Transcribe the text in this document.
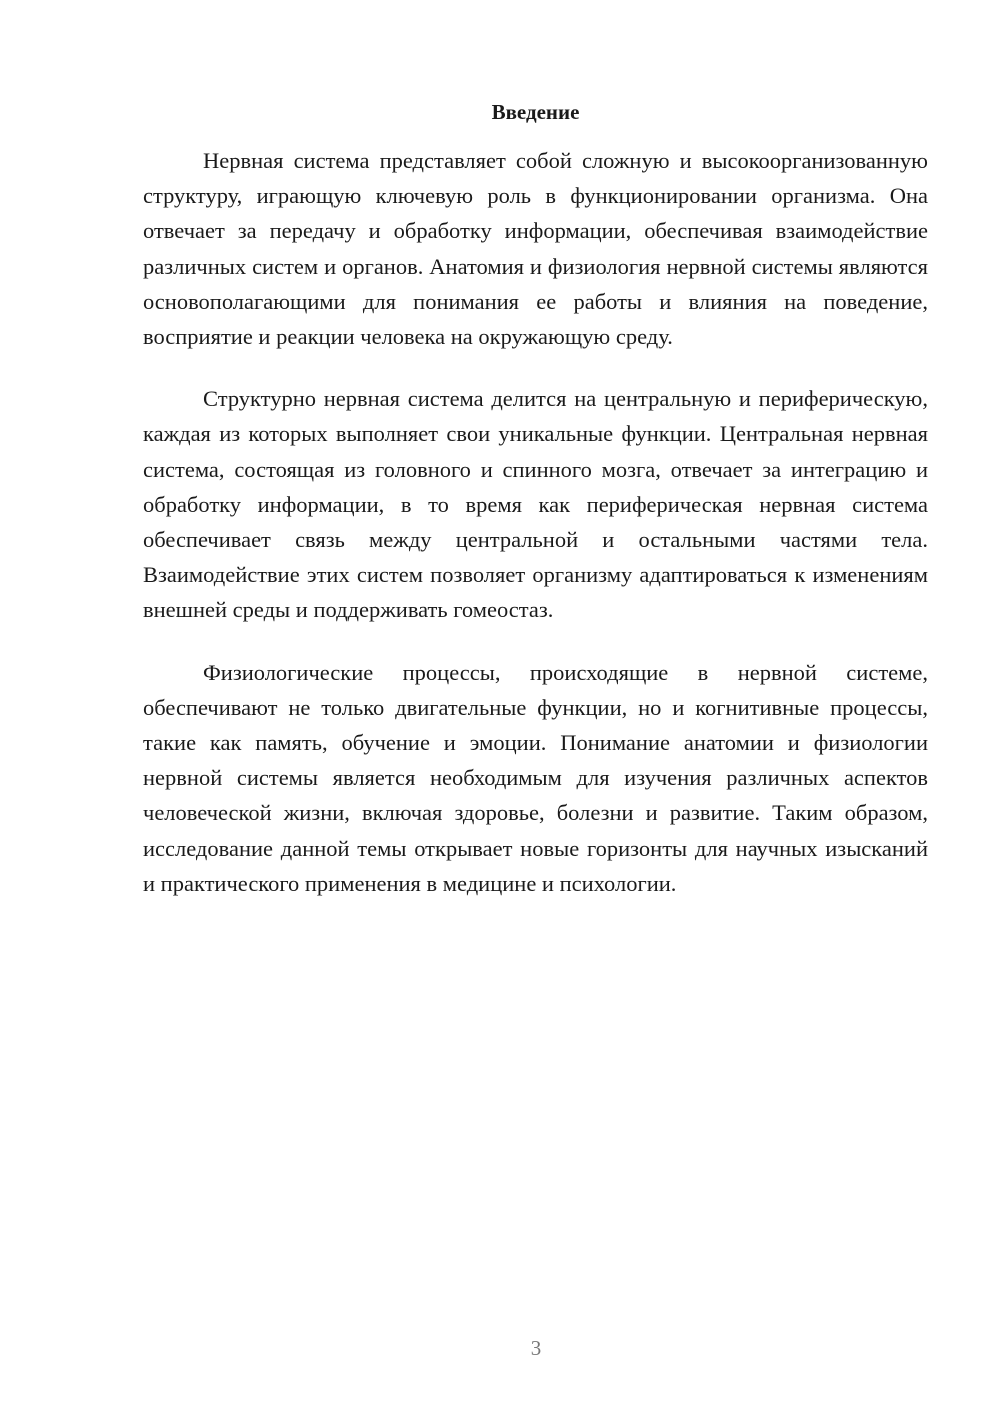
Введение

Нервная система представляет собой сложную и высокоорганизованную структуру, играющую ключевую роль в функционировании организма. Она отвечает за передачу и обработку информации, обеспечивая взаимодействие различных систем и органов. Анатомия и физиология нервной системы являются основополагающими для понимания ее работы и влияния на поведение, восприятие и реакции человека на окружающую среду.

Структурно нервная система делится на центральную и периферическую, каждая из которых выполняет свои уникальные функции. Центральная нервная система, состоящая из головного и спинного мозга, отвечает за интеграцию и обработку информации, в то время как периферическая нервная система обеспечивает связь между центральной и остальными частями тела. Взаимодействие этих систем позволяет организму адаптироваться к изменениям внешней среды и поддерживать гомеостаз.

Физиологические процессы, происходящие в нервной системе, обеспечивают не только двигательные функции, но и когнитивные процессы, такие как память, обучение и эмоции. Понимание анатомии и физиологии нервной системы является необходимым для изучения различных аспектов человеческой жизни, включая здоровье, болезни и развитие. Таким образом, исследование данной темы открывает новые горизонты для научных изысканий и практического применения в медицине и психологии.

3
